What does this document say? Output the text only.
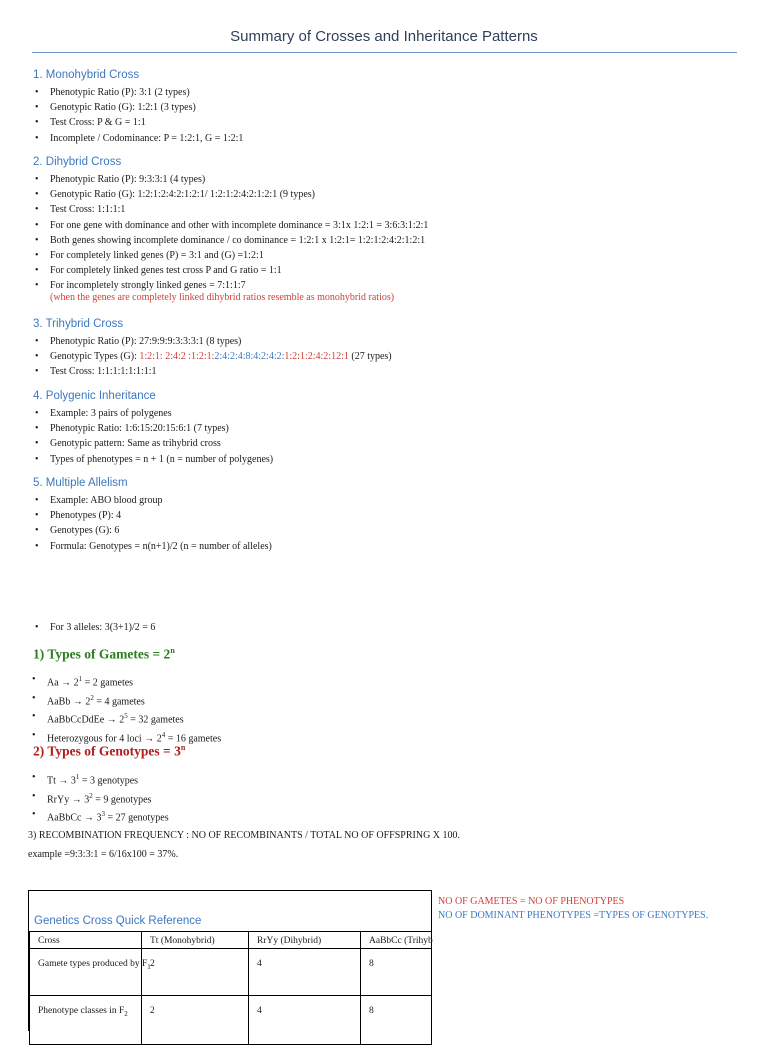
Summary of Crosses and Inheritance Patterns
1. Monohybrid Cross
• Phenotypic Ratio (P): 3:1 (2 types)
• Genotypic Ratio (G): 1:2:1 (3 types)
• Test Cross: P & G = 1:1
• Incomplete / Codominance: P = 1:2:1, G = 1:2:1
2. Dihybrid Cross
• Phenotypic Ratio (P): 9:3:3:1 (4 types)
• Genotypic Ratio (G): 1:2:1:2:4:2:1:2:1/ 1:2:1:2:4:2:1:2:1 (9 types)
• Test Cross: 1:1:1:1
• For one gene with dominance and other with incomplete dominance = 3:1x 1:2:1 = 3:6:3:1:2:1
• Both genes showing incomplete dominance / co dominance = 1:2:1 x 1:2:1= 1:2:1:2:4:2:1:2:1
• For completely linked genes (P) = 3:1 and (G) =1:2:1
• For completely linked genes test cross P and G ratio = 1:1
• For incompletely strongly linked genes = 7:1:1:7
(when the genes are completely linked dihybrid ratios resemble as monohybrid ratios)
3. Trihybrid Cross
• Phenotypic Ratio (P): 27:9:9:9:3:3:3:1 (8 types)
• Genotypic Types (G): 1:2:1: 2:4:2 :1:2:1:2:4:2:4:8:4:2:4:2:1:2:1:2:4:2:12:1 (27 types)
• Test Cross: 1:1:1:1:1:1:1:1
4. Polygenic Inheritance
• Example: 3 pairs of polygenes
• Phenotypic Ratio: 1:6:15:20:15:6:1 (7 types)
• Genotypic pattern: Same as trihybrid cross
• Types of phenotypes = n + 1 (n = number of polygenes)
5. Multiple Allelism
• Example: ABO blood group
• Phenotypes (P): 4
• Genotypes (G): 6
• Formula: Genotypes = n(n+1)/2 (n = number of alleles)
• For 3 alleles: 3(3+1)/2 = 6
1) Types of Gametes = $2^n$
• $Aa \to 2^1 = 2$ gametes
• AaBb → $2^2 = 4$ gametes
• AaBbCcDdEe → $2^5 = 32$ gametes
• Heterozygous for 4 loci → $2^4 = 16$ gametes
2) Types of Genotypes = $3^n$
• $Tt \to 3^1 = 3$ genotypes
• RrYy → $3^2 = 9$ genotypes
• AaBbCc → $3^3 = 27$ genotypes
3) RECOMBINATION FREQUENCY : NO OF RECOMBINANTS / TOTAL NO OF OFFSPRING X 100.
example =9:3:3:1 = 6/16x100 = 37%.
NO OF GAMETES = NO OF PHENOTYPES
NO OF DOMINANT PHENOTYPES =TYPES OF GENOTYPES.
Genetics Cross Quick Reference
Cross	Tt (Monohybrid)	RrYy (Dihybrid)	AaBbCc (Trihyb
Gamete types produced by $F_1$	2	4	8
Phenotype classes in $F_2$	2	4	8
